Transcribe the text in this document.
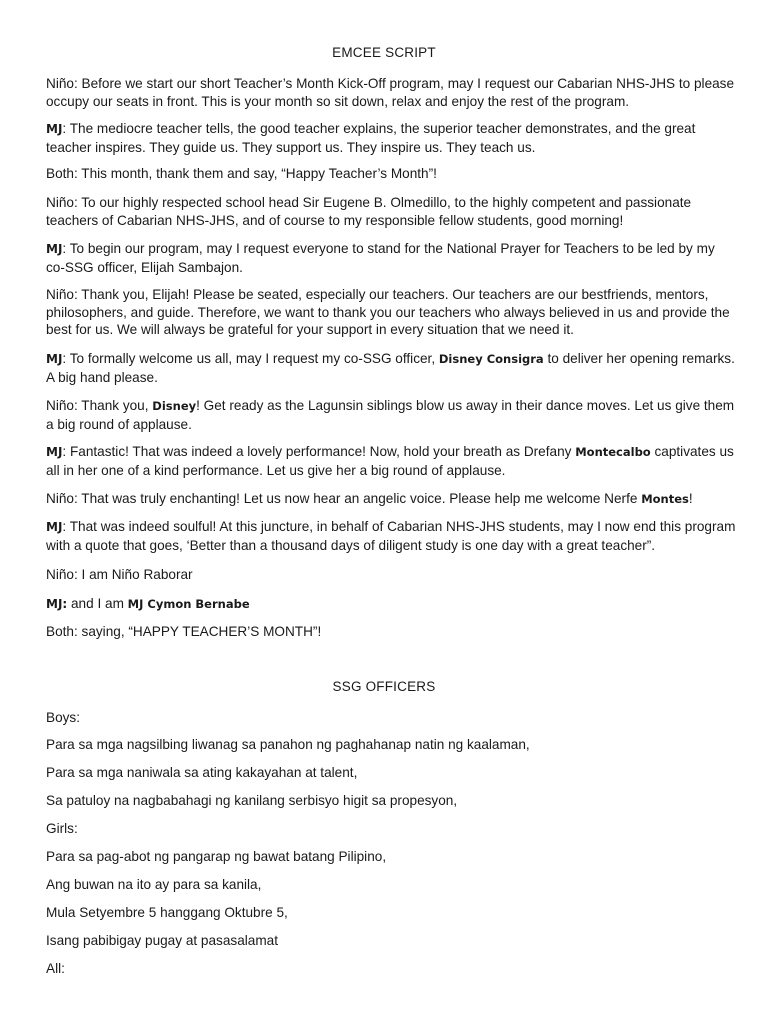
EMCEE SCRIPT

Niño: Before we start our short Teacher’s Month Kick-Off program, may I request our Cabarian NHS-JHS to please occupy our seats in front. This is your month so sit down, relax and enjoy the rest of the program.

MJ: The mediocre teacher tells, the good teacher explains, the superior teacher demonstrates, and the great teacher inspires. They guide us. They support us. They inspire us. They teach us.

Both: This month, thank them and say, “Happy Teacher’s Month”!

Niño: To our highly respected school head Sir Eugene B. Olmedillo, to the highly competent and passionate teachers of Cabarian NHS-JHS, and of course to my responsible fellow students, good morning!

MJ: To begin our program, may I request everyone to stand for the National Prayer for Teachers to be led by my co-SSG officer, Elijah Sambajon.

Niño: Thank you, Elijah! Please be seated, especially our teachers. Our teachers are our bestfriends, mentors, philosophers, and guide. Therefore, we want to thank you our teachers who always believed in us and provide the best for us. We will always be grateful for your support in every situation that we need it.

MJ: To formally welcome us all, may I request my co-SSG officer, Disney Consigra to deliver her opening remarks. A big hand please.

Niño: Thank you, Disney! Get ready as the Lagunsin siblings blow us away in their dance moves. Let us give them a big round of applause.

MJ: Fantastic! That was indeed a lovely performance! Now, hold your breath as Drefany Montecalbo captivates us all in her one of a kind performance. Let us give her a big round of applause.

Niño: That was truly enchanting! Let us now hear an angelic voice. Please help me welcome Nerfe Montes!

MJ: That was indeed soulful! At this juncture, in behalf of Cabarian NHS-JHS students, may I now end this program with a quote that goes, ‘Better than a thousand days of diligent study is one day with a great teacher”.

Niño: I am Niño Raborar

MJ: and I am MJ Cymon Bernabe

Both: saying, “HAPPY TEACHER’S MONTH”!

SSG OFFICERS
Boys:
Para sa mga nagsilbing liwanag sa panahon ng paghahanap natin ng kaalaman,
Para sa mga naniwala sa ating kakayahan at talent,
Sa patuloy na nagbabahagi ng kanilang serbisyo higit sa propesyon,
Girls:
Para sa pag-abot ng pangarap ng bawat batang Pilipino,
Ang buwan na ito ay para sa kanila,
Mula Setyembre 5 hanggang Oktubre 5,
Isang pabibigay pugay at pasasalamat
All:
